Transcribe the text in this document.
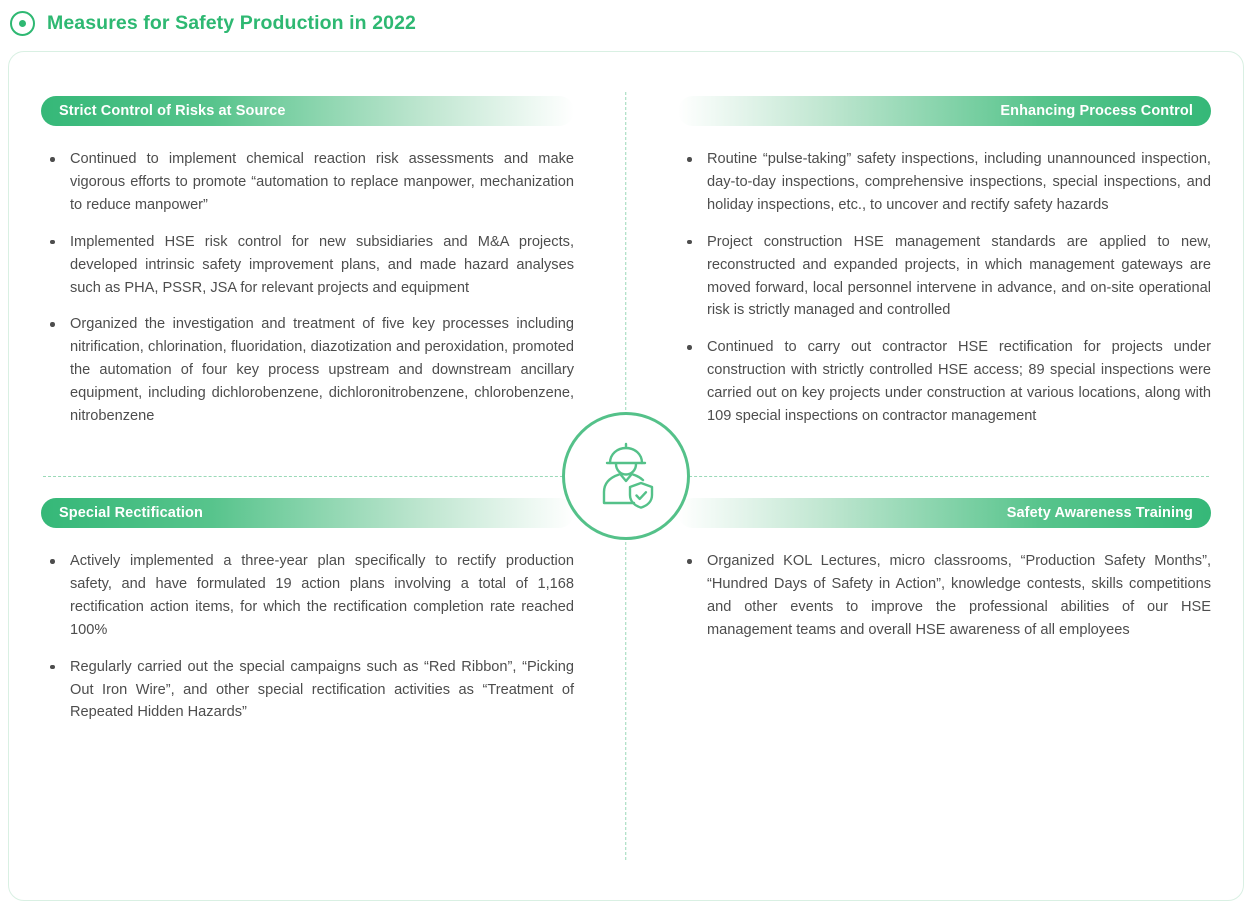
Measures for Safety Production in 2022
Strict Control of Risks at Source
Continued to implement chemical reaction risk assessments and make vigorous efforts to promote “automation to replace manpower, mechanization to reduce manpower”
Implemented HSE risk control for new subsidiaries and M&A projects, developed intrinsic safety improvement plans, and made hazard analyses such as PHA, PSSR, JSA for relevant projects and equipment
Organized the investigation and treatment of five key processes including nitrification, chlorination, fluoridation, diazotization and peroxidation, promoted the automation of four key process upstream and downstream ancillary equipment, including dichlorobenzene, dichloronitrobenzene, chlorobenzene, nitrobenzene
Enhancing Process Control
Routine “pulse-taking” safety inspections, including unannounced inspection, day-to-day inspections, comprehensive inspections, special inspections, and holiday inspections, etc., to uncover and rectify safety hazards
Project construction HSE management standards are applied to new, reconstructed and expanded projects, in which management gateways are moved forward, local personnel intervene in advance, and on-site operational risk is strictly managed and controlled
Continued to carry out contractor HSE rectification for projects under construction with strictly controlled HSE access; 89 special inspections were carried out on key projects under construction at various locations, along with 109 special inspections on contractor management
Special Rectification
Actively implemented a three-year plan specifically to rectify production safety, and have formulated 19 action plans involving a total of 1,168 rectification action items, for which the rectification completion rate reached 100%
Regularly carried out the special campaigns such as “Red Ribbon”, “Picking Out Iron Wire”, and other special rectification activities as “Treatment of Repeated Hidden Hazards”
Safety Awareness Training
Organized KOL Lectures, micro classrooms, “Production Safety Months”, “Hundred Days of Safety in Action”, knowledge contests, skills competitions and other events to improve the professional abilities of our HSE management teams and overall HSE awareness of all employees
